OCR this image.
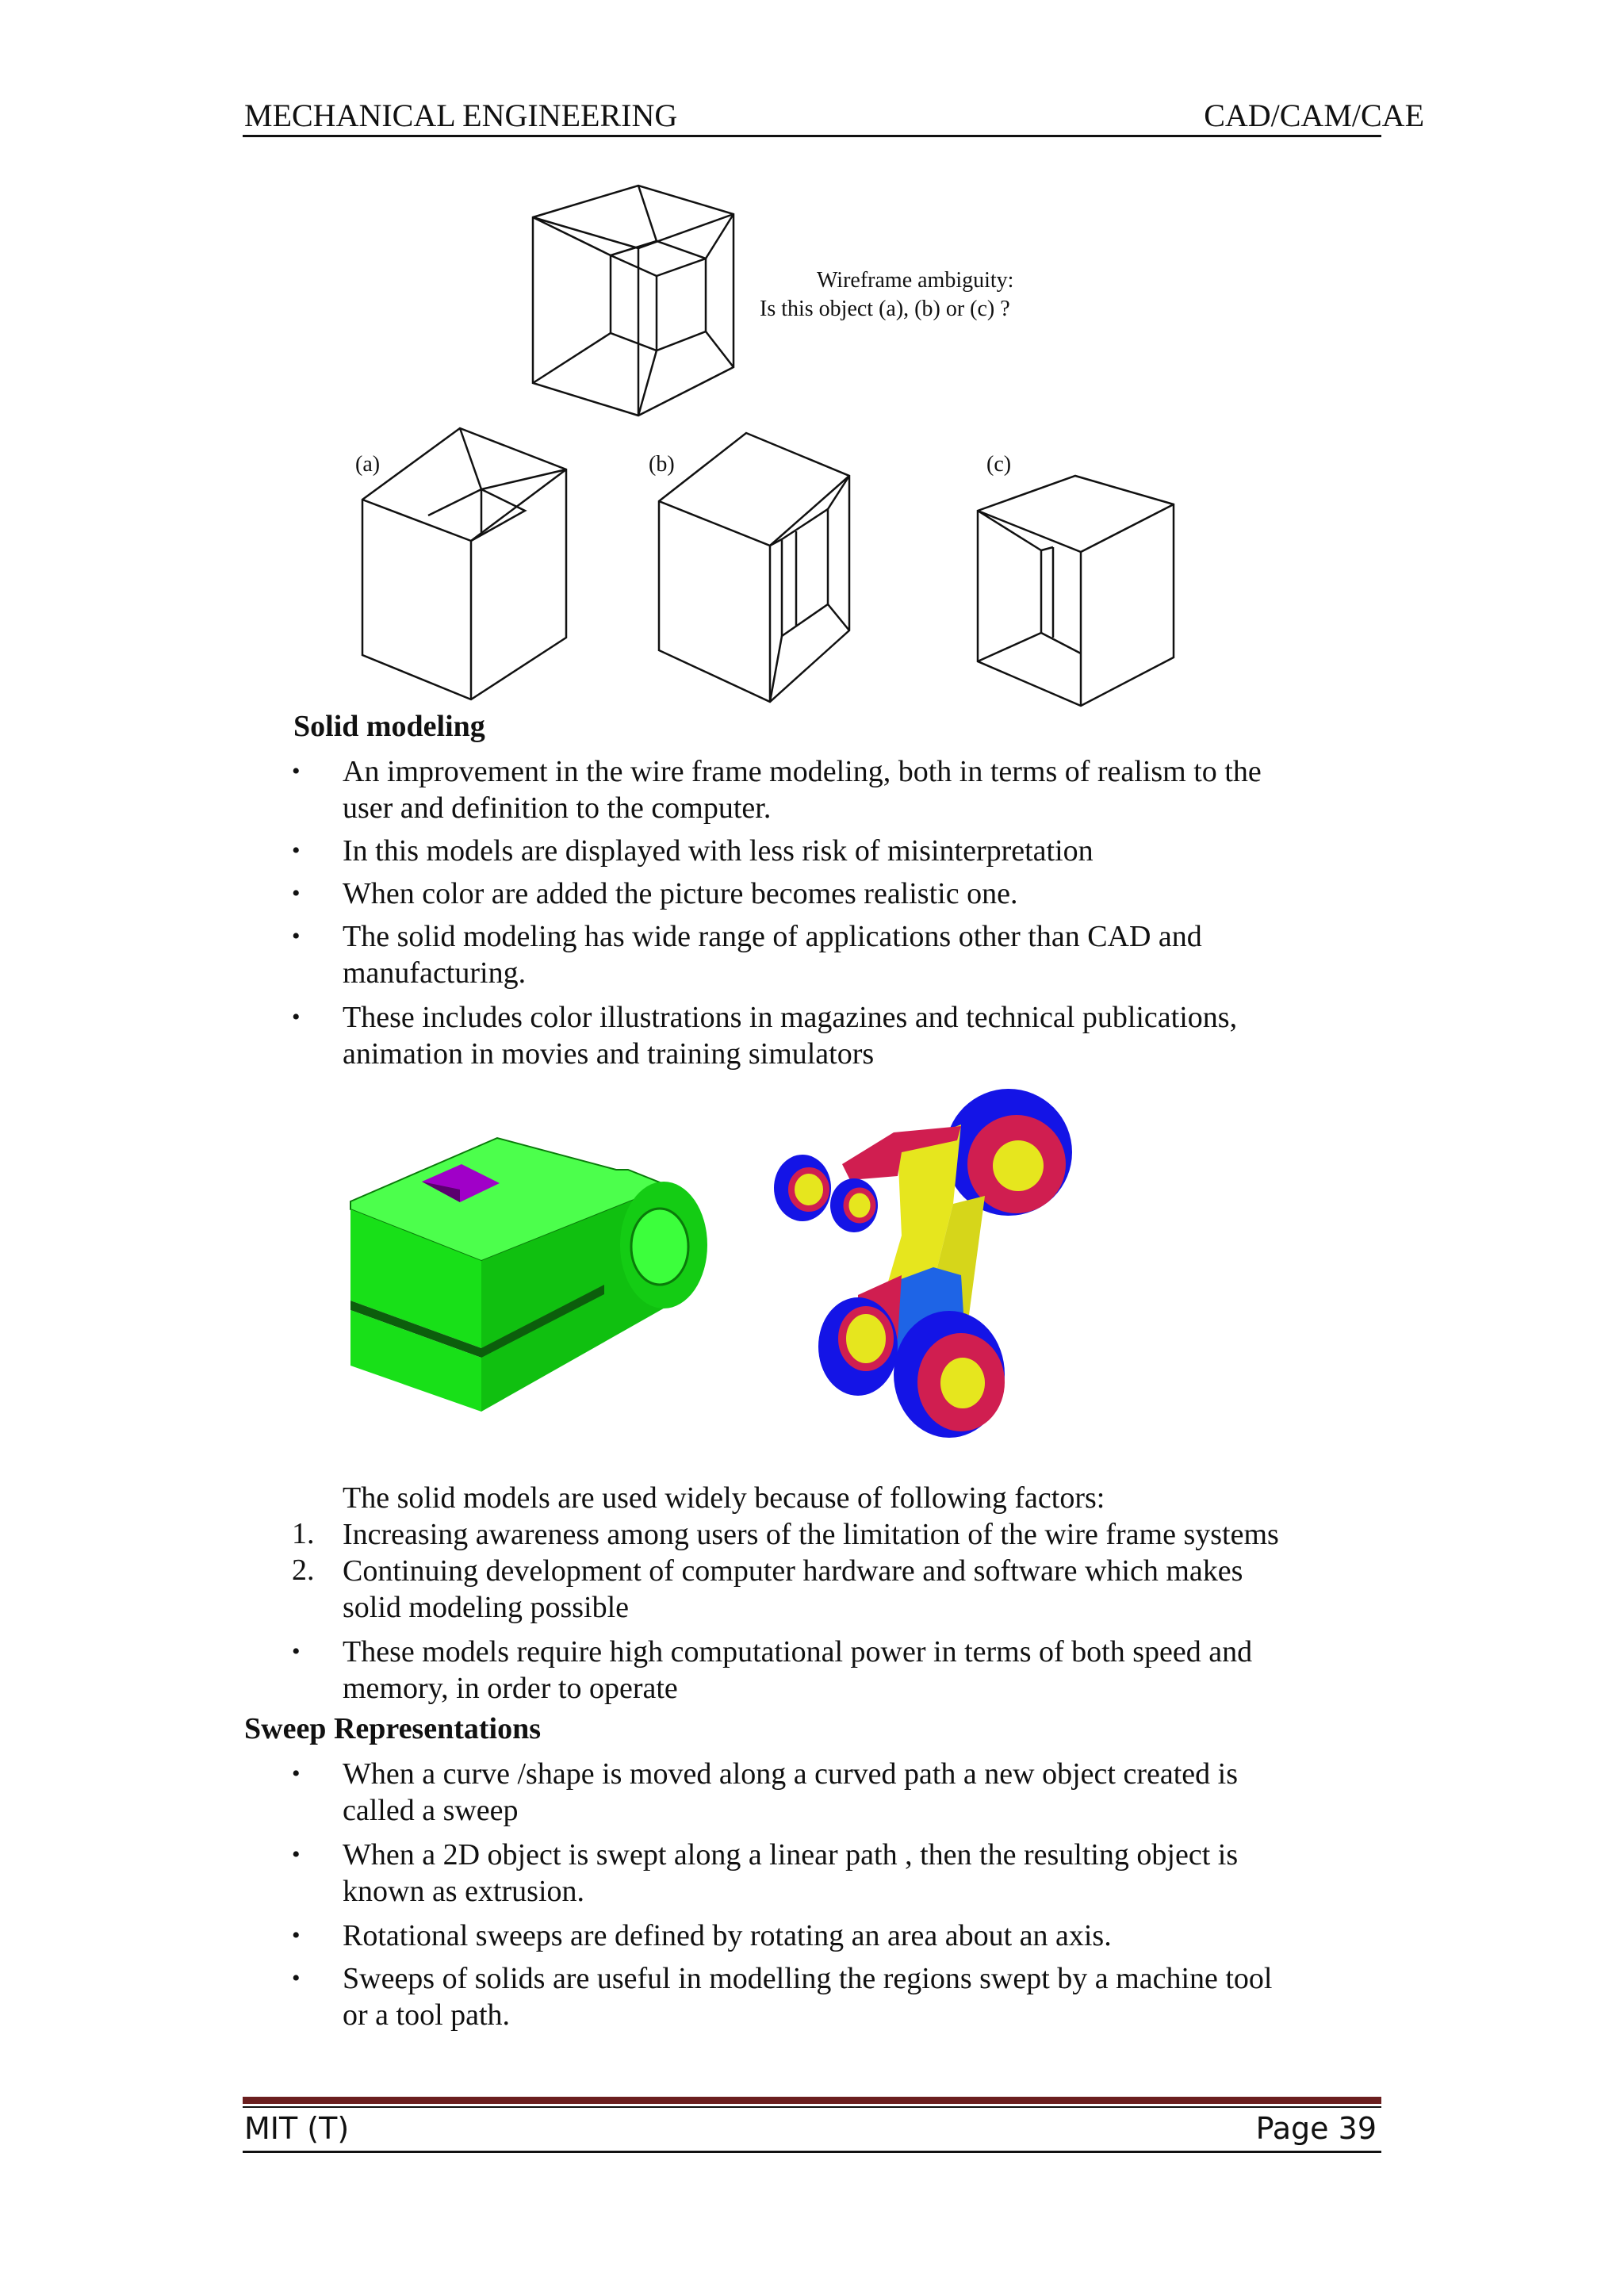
MECHANICAL ENGINEERING	CAD/CAM/CAE
Wireframe ambiguity:
Is this object (a), (b) or (c) ?
(a)	(b)	(c)
Solid modeling
• An improvement in the wire frame modeling, both in terms of realism to the
user and definition to the computer.
• In this models are displayed with less risk of misinterpretation
• When color are added the picture becomes realistic one.
• The solid modeling has wide range of applications other than CAD and
manufacturing.
• These includes color illustrations in magazines and technical publications,
animation in movies and training simulators
The solid models are used widely because of following factors:
1. Increasing awareness among users of the limitation of the wire frame systems
2. Continuing development of computer hardware and software which makes
solid modeling possible
• These models require high computational power in terms of both speed and
memory, in order to operate
Sweep Representations
• When a curve /shape is moved along a curved path a new object created is
called a sweep
• When a 2D object is swept along a linear path , then the resulting object is
known as extrusion.
• Rotational sweeps are defined by rotating an area about an axis.
• Sweeps of solids are useful in modelling the regions swept by a machine tool
or a tool path.
MIT (T)	Page 39
